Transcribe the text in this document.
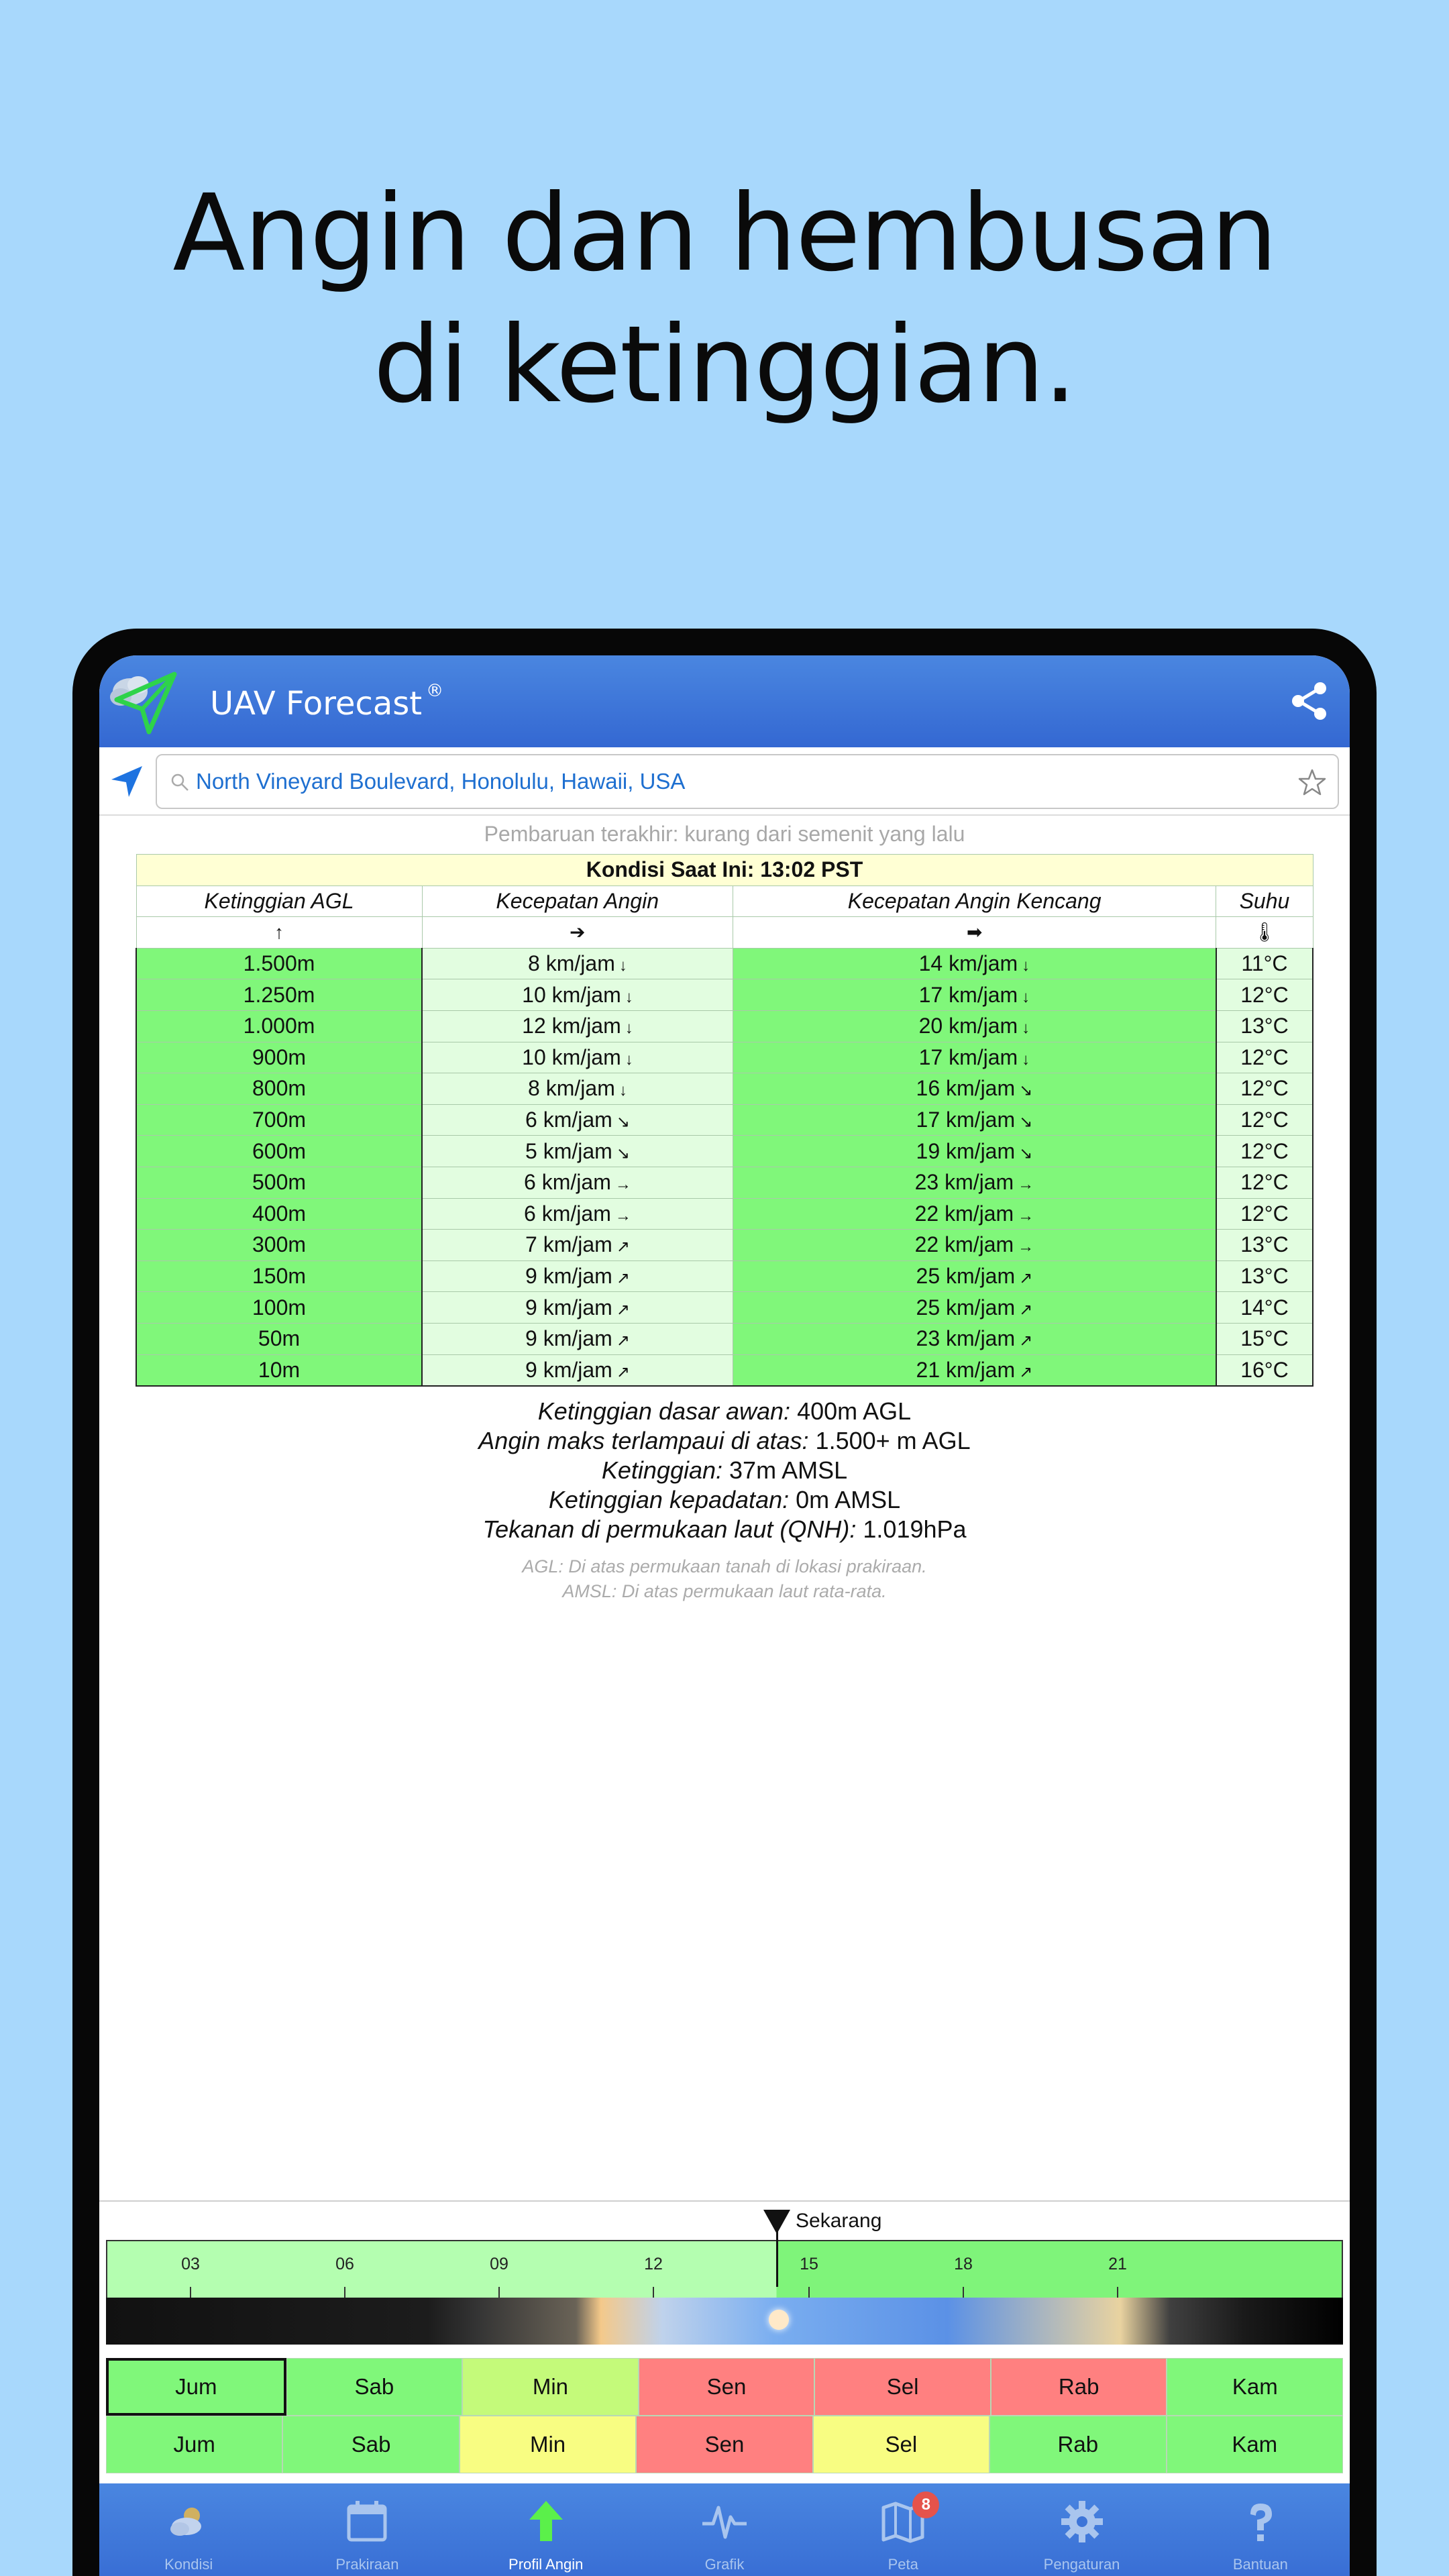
Angin dan hembusan
di ketinggian.
UAV Forecast ®
North Vineyard Boulevard, Honolulu, Hawaii, USA
Pembaruan terakhir: kurang dari semenit yang lalu
Kondisi Saat Ini: 13:02 PST			
Ketinggian AGL	Kecepatan Angin	Kecepatan Angin Kencang	Suhu
↑	➔	➡	🌡
1.500m	8 km/jam ↓	14 km/jam ↓	11°C
1.250m	10 km/jam ↓	17 km/jam ↓	12°C
1.000m	12 km/jam ↓	20 km/jam ↓	13°C
900m	10 km/jam ↓	17 km/jam ↓	12°C
800m	8 km/jam ↓	16 km/jam ↘	12°C
700m	6 km/jam ↘	17 km/jam ↘	12°C
600m	5 km/jam ↘	19 km/jam ↘	12°C
500m	6 km/jam →	23 km/jam →	12°C
400m	6 km/jam →	22 km/jam →	12°C
300m	7 km/jam ↗	22 km/jam →	13°C
150m	9 km/jam ↗	25 km/jam ↗	13°C
100m	9 km/jam ↗	25 km/jam ↗	14°C
50m	9 km/jam ↗	23 km/jam ↗	15°C
10m	9 km/jam ↗	21 km/jam ↗	16°C
Ketinggian dasar awan: 400m AGL
Angin maks terlampaui di atas: 1.500+ m AGL
Ketinggian: 37m AMSL
Ketinggian kepadatan: 0m AMSL
Tekanan di permukaan laut (QNH): 1.019hPa
AGL: Di atas permukaan tanah di lokasi prakiraan.
AMSL: Di atas permukaan laut rata-rata.
Sekarang
03	06	09	12	15	18	21
Jum	Sab	Min	Sen	Sel	Rab	Kam
Jum	Sab	Min	Sen	Sel	Rab	Kam
Kondisi	Prakiraan	Profil Angin	Grafik
8
Peta	Pengaturan	Bantuan
